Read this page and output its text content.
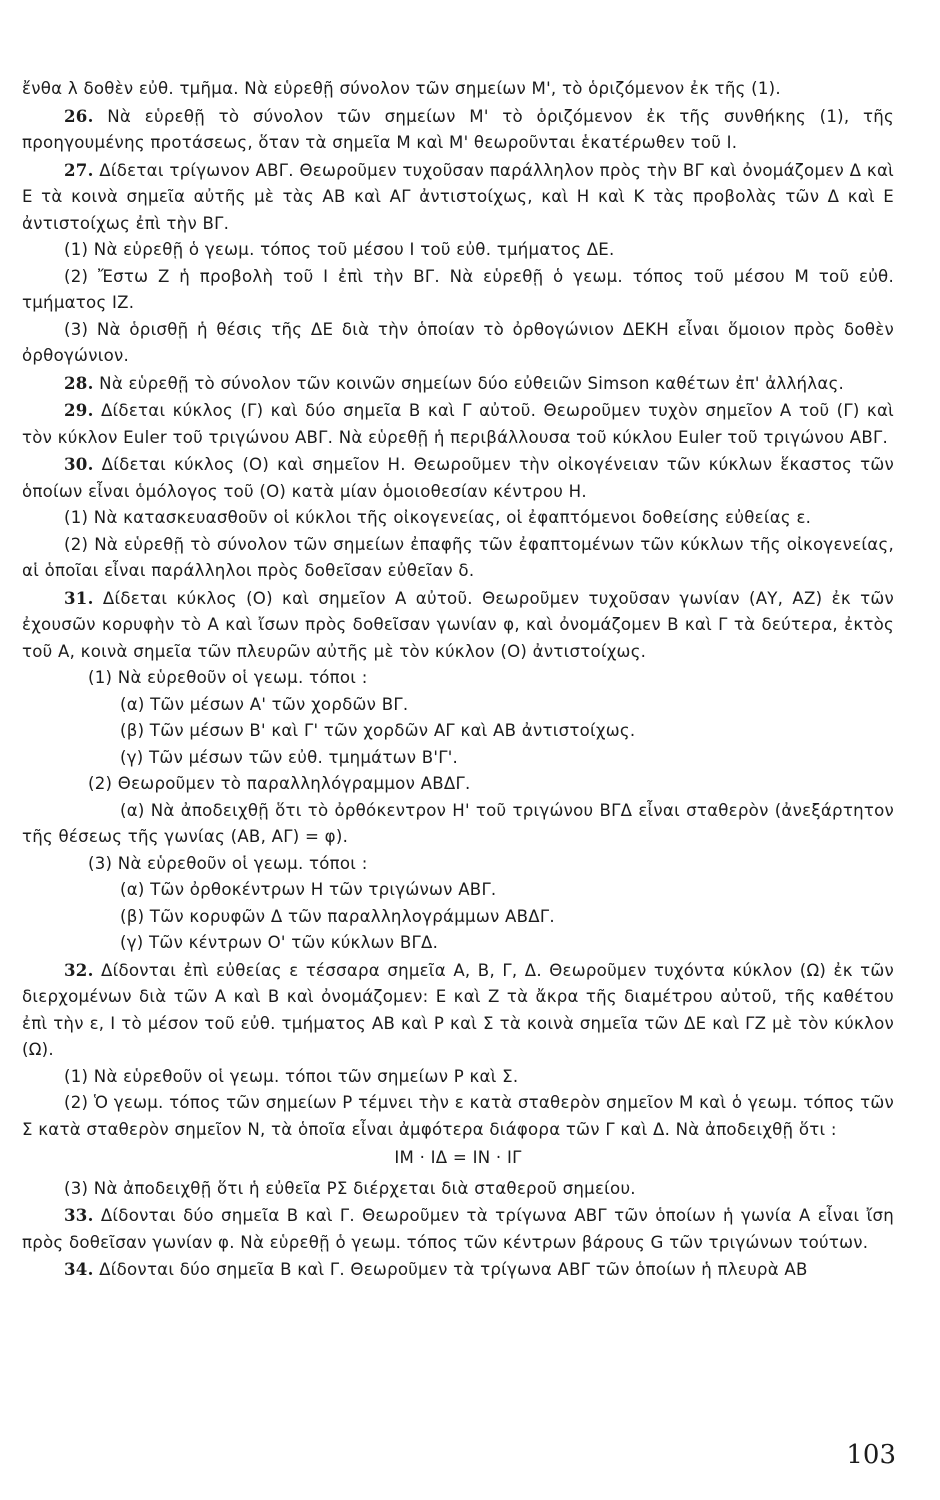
ἔνθα λ δοθὲν εὐθ. τμῆμα. Νὰ εὑρεθῇ σύνολον τῶν σημείων Μ', τὸ ὁριζόμενον ἐκ τῆς (1).

26. Νὰ εὑρεθῇ τὸ σύνολον τῶν σημείων Μ' τὸ ὁριζόμενον ἐκ τῆς συνθήκης (1), τῆς προηγουμένης προτάσεως, ὅταν τὰ σημεῖα Μ καὶ Μ' θεωροῦνται ἑκατέρωθεν τοῦ Ι.

27. Δίδεται τρίγωνον ΑΒΓ. Θεωροῦμεν τυχοῦσαν παράλληλον πρὸς τὴν ΒΓ καὶ ὀνομάζομεν Δ καὶ Ε τὰ κοινὰ σημεῖα αὐτῆς μὲ τὰς ΑΒ καὶ ΑΓ ἀντιστοίχως, καὶ Η καὶ Κ τὰς προβολὰς τῶν Δ καὶ Ε ἀντιστοίχως ἐπὶ τὴν ΒΓ.

(1) Νὰ εὑρεθῇ ὁ γεωμ. τόπος τοῦ μέσου Ι τοῦ εὐθ. τμήματος ΔΕ.

(2) Ἔστω Ζ ἡ προβολὴ τοῦ Ι ἐπὶ τὴν ΒΓ. Νὰ εὑρεθῇ ὁ γεωμ. τόπος τοῦ μέσου Μ τοῦ εὐθ. τμήματος ΙΖ.

(3) Νὰ ὁρισθῇ ἡ θέσις τῆς ΔΕ διὰ τὴν ὁποίαν τὸ ὀρθογώνιον ΔΕΚΗ εἶναι ὅμοιον πρὸς δοθὲν ὀρθογώνιον.

28. Νὰ εὑρεθῇ τὸ σύνολον τῶν κοινῶν σημείων δύο εὐθειῶν Simson καθέτων ἐπ' ἀλλήλας.

29. Δίδεται κύκλος (Γ) καὶ δύο σημεῖα Β καὶ Γ αὐτοῦ. Θεωροῦμεν τυχὸν σημεῖον Α τοῦ (Γ) καὶ τὸν κύκλον Euler τοῦ τριγώνου ΑΒΓ. Νὰ εὑρεθῇ ἡ περιβάλλουσα τοῦ κύκλου Euler τοῦ τριγώνου ΑΒΓ.

30. Δίδεται κύκλος (Ο) καὶ σημεῖον Η. Θεωροῦμεν τὴν οἰκογένειαν τῶν κύκλων ἕκαστος τῶν ὁποίων εἶναι ὁμόλογος τοῦ (Ο) κατὰ μίαν ὁμοιοθεσίαν κέντρου Η.

(1) Νὰ κατασκευασθοῦν οἱ κύκλοι τῆς οἰκογενείας, οἱ ἐφαπτόμενοι δοθείσης εὐθείας ε.

(2) Νὰ εὑρεθῇ τὸ σύνολον τῶν σημείων ἐπαφῆς τῶν ἐφαπτομένων τῶν κύκλων τῆς οἰκογενείας, αἱ ὁποῖαι εἶναι παράλληλοι πρὸς δοθεῖσαν εὐθεῖαν δ.

31. Δίδεται κύκλος (Ο) καὶ σημεῖον Α αὐτοῦ. Θεωροῦμεν τυχοῦσαν γωνίαν (ΑΥ, ΑΖ) ἐκ τῶν ἐχουσῶν κορυφὴν τὸ Α καὶ ἴσων πρὸς δοθεῖσαν γωνίαν φ, καὶ ὀνομάζομεν Β καὶ Γ τὰ δεύτερα, ἐκτὸς τοῦ Α, κοινὰ σημεῖα τῶν πλευρῶν αὐτῆς μὲ τὸν κύκλον (Ο) ἀντιστοίχως.

(1) Νὰ εὑρεθοῦν οἱ γεωμ. τόποι :

(α) Τῶν μέσων Α' τῶν χορδῶν ΒΓ.

(β) Τῶν μέσων Β' καὶ Γ' τῶν χορδῶν ΑΓ καὶ ΑΒ ἀντιστοίχως.

(γ) Τῶν μέσων τῶν εὐθ. τμημάτων Β'Γ'.

(2) Θεωροῦμεν τὸ παραλληλόγραμμον ΑΒΔΓ.

(α) Νὰ ἀποδειχθῇ ὅτι τὸ ὀρθόκεντρον Η' τοῦ τριγώνου ΒΓΔ εἶναι σταθερὸν (ἀνεξάρτητον τῆς θέσεως τῆς γωνίας (ΑΒ, ΑΓ) = φ).

(3) Νὰ εὑρεθοῦν οἱ γεωμ. τόποι :

(α) Τῶν ὀρθοκέντρων Η τῶν τριγώνων ΑΒΓ.

(β) Τῶν κορυφῶν Δ τῶν παραλληλογράμμων ΑΒΔΓ.

(γ) Τῶν κέντρων Ο' τῶν κύκλων ΒΓΔ.

32. Δίδονται ἐπὶ εὐθείας ε τέσσαρα σημεῖα Α, Β, Γ, Δ. Θεωροῦμεν τυχόντα κύκλον (Ω) ἐκ τῶν διερχομένων διὰ τῶν Α καὶ Β καὶ ὀνομάζομεν: Ε καὶ Ζ τὰ ἄκρα τῆς διαμέτρου αὐτοῦ, τῆς καθέτου ἐπὶ τὴν ε, Ι τὸ μέσον τοῦ εὐθ. τμήματος ΑΒ καὶ Ρ καὶ Σ τὰ κοινὰ σημεῖα τῶν ΔΕ καὶ ΓΖ μὲ τὸν κύκλον (Ω).

(1) Νὰ εὑρεθοῦν οἱ γεωμ. τόποι τῶν σημείων Ρ καὶ Σ.

(2) Ὁ γεωμ. τόπος τῶν σημείων Ρ τέμνει τὴν ε κατὰ σταθερὸν σημεῖον Μ καὶ ὁ γεωμ. τόπος τῶν Σ κατὰ σταθερὸν σημεῖον Ν, τὰ ὁποῖα εἶναι ἀμφότερα διάφορα τῶν Γ καὶ Δ. Νὰ ἀποδειχθῇ ὅτι :

ΙΜ · ΙΔ = ΙΝ · ΙΓ

(3) Νὰ ἀποδειχθῇ ὅτι ἡ εὐθεῖα ΡΣ διέρχεται διὰ σταθεροῦ σημείου.

33. Δίδονται δύο σημεῖα Β καὶ Γ. Θεωροῦμεν τὰ τρίγωνα ΑΒΓ τῶν ὁποίων ἡ γωνία Α εἶναι ἴση πρὸς δοθεῖσαν γωνίαν φ. Νὰ εὑρεθῇ ὁ γεωμ. τόπος τῶν κέντρων βάρους G τῶν τριγώνων τούτων.

34. Δίδονται δύο σημεῖα Β καὶ Γ. Θεωροῦμεν τὰ τρίγωνα ΑΒΓ τῶν ὁποίων ἡ πλευρὰ ΑΒ

103
